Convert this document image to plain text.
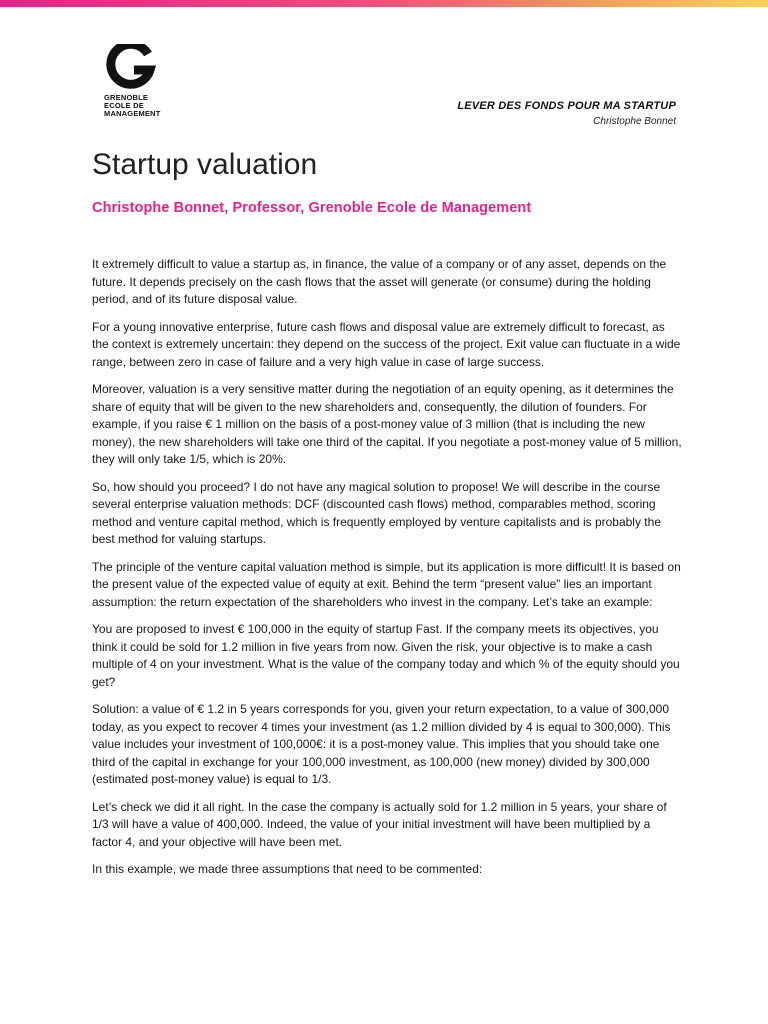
GRENOBLE
ECOLE DE
MANAGEMENT
LEVER DES FONDS POUR MA STARTUP
Christophe Bonnet
Startup valuation
Christophe Bonnet, Professor, Grenoble Ecole de Management

It extremely difficult to value a startup as, in finance, the value of a company or of any asset, depends on the future. It depends precisely on the cash flows that the asset will generate (or consume) during the holding period, and of its future disposal value.

For a young innovative enterprise, future cash flows and disposal value are extremely difficult to forecast, as the context is extremely uncertain: they depend on the success of the project. Exit value can fluctuate in a wide range, between zero in case of failure and a very high value in case of large success.

Moreover, valuation is a very sensitive matter during the negotiation of an equity opening, as it determines the share of equity that will be given to the new shareholders and, consequently, the dilution of founders. For example, if you raise € 1 million on the basis of a post-money value of 3 million (that is including the new money), the new shareholders will take one third of the capital. If you negotiate a post-money value of 5 million, they will only take 1/5, which is 20%.

So, how should you proceed? I do not have any magical solution to propose! We will describe in the course several enterprise valuation methods: DCF (discounted cash flows) method, comparables method, scoring method and venture capital method, which is frequently employed by venture capitalists and is probably the best method for valuing startups.

The principle of the venture capital valuation method is simple, but its application is more difficult! It is based on the present value of the expected value of equity at exit. Behind the term “present value” lies an important assumption: the return expectation of the shareholders who invest in the company. Let’s take an example:

You are proposed to invest € 100,000 in the equity of startup Fast. If the company meets its objectives, you think it could be sold for 1.2 million in five years from now. Given the risk, your objective is to make a cash multiple of 4 on your investment. What is the value of the company today and which % of the equity should you get?

Solution: a value of € 1.2 in 5 years corresponds for you, given your return expectation, to a value of 300,000 today, as you expect to recover 4 times your investment (as 1.2 million divided by 4 is equal to 300,000). This value includes your investment of 100,000€: it is a post-money value. This implies that you should take one third of the capital in exchange for your 100,000 investment, as 100,000 (new money) divided by 300,000 (estimated post-money value) is equal to 1/3.

Let’s check we did it all right. In the case the company is actually sold for 1.2 million in 5 years, your share of 1/3 will have a value of 400,000. Indeed, the value of your initial investment will have been multiplied by a factor 4, and your objective will have been met.

In this example, we made three assumptions that need to be commented:
